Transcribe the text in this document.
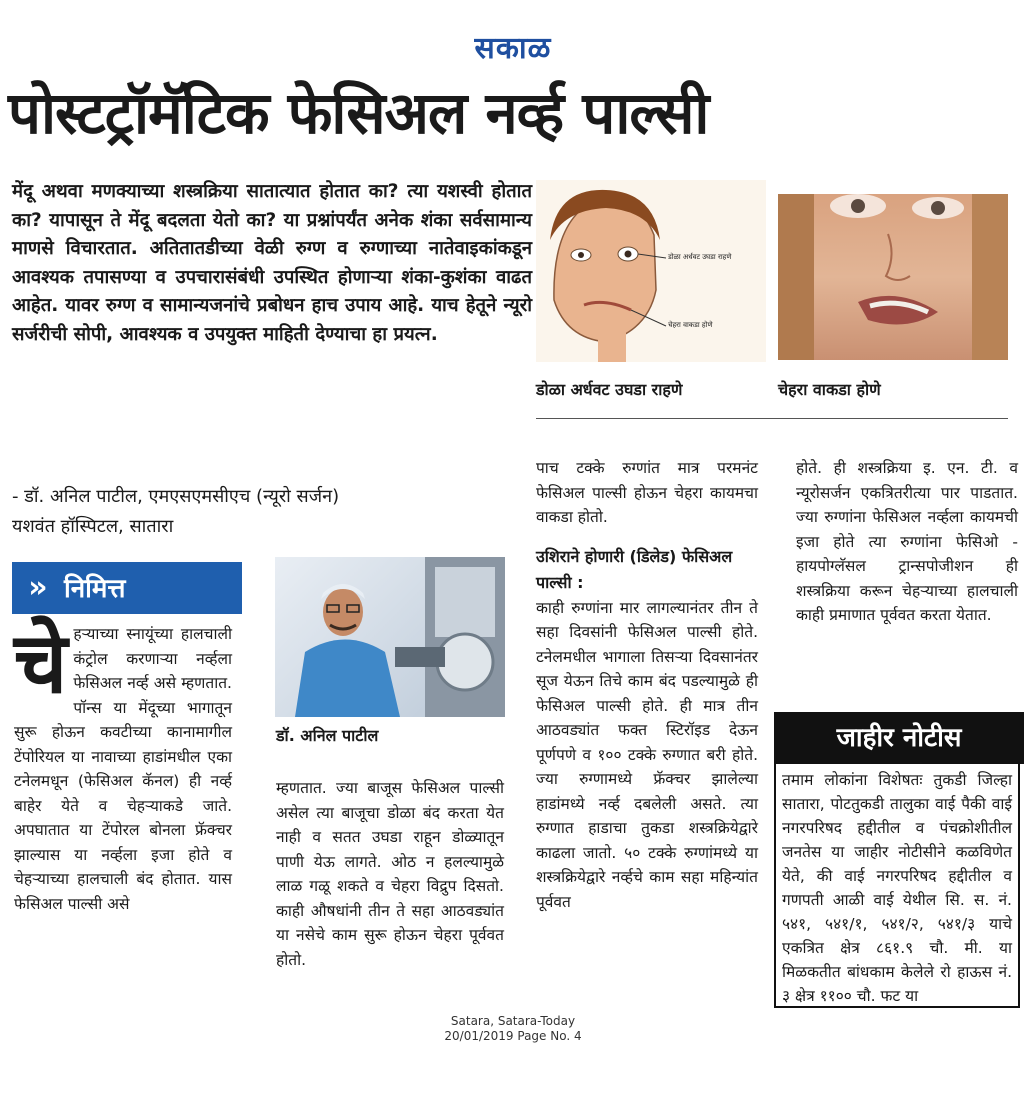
सकाळ
पोस्टट्रॉमॅटिक फेसिअल नर्व्ह पाल्सी
मेंदू अथवा मणक्याच्या शस्त्रक्रिया सातात्यात होतात का? त्या यशस्वी होतात का? यापासून ते मेंदू बदलता येतो का? या प्रश्नांपर्यंत अनेक शंका सर्वसामान्य माणसे विचारतात. अतितातडीच्या वेळी रुग्ण व रुग्णाच्या नातेवाइकांकडून आवश्यक तपासण्या व उपचारासंबंधी उपस्थित होणाऱ्या शंका-कुशंका वाढत आहेत. यावर रुग्ण व सामान्यजनांचे प्रबोधन हाच उपाय आहे. याच हेतूने न्यूरो सर्जरीची सोपी, आवश्यक व उपयुक्त माहिती देण्याचा हा प्रयत्न.
- डॉ. अनिल पाटील, एमएसएमसीएच (न्यूरो सर्जन)
यशवंत हॉस्पिटल, सातारा
» निमित्त
चे हऱ्याच्या स्नायूंच्या हालचाली कंट्रोल करणाऱ्या नर्व्हला फेसिअल नर्व्ह असे म्हणतात. पॉन्स या मेंदूच्या भागातून सुरू होऊन कवटीच्या कानामागील टेंपोरियल या नावाच्या हाडांमधील एका टनेलमधून (फेसिअल कॅनल) ही नर्व्ह बाहेर येते व चेहऱ्याकडे जाते. अपघातात या टेंपोरल बोनला फ्रॅक्चर झाल्यास या नर्व्हला इजा होते व चेहऱ्याच्या हालचाली बंद होतात. यास फेसिअल पाल्सी असे
डॉ. अनिल पाटील
म्हणतात. ज्या बाजूस फेसिअल पाल्सी असेल त्या बाजूचा डोळा बंद करता येत नाही व सतत उघडा राहून डोळ्यातून पाणी येऊ लागते. ओठ न हलल्यामुळे लाळ गळू शकते व चेहरा विद्रुप दिसतो. काही औषधांनी तीन ते सहा आठवड्यांत या नसेचे काम सुरू होऊन चेहरा पूर्ववत होतो.
डोळा अर्धवट उघडा राहणे
चेहरा वाकडा होणे
डोळा अर्धवट उघडा राहणे	चेहरा वाकडा होणे
पाच टक्के रुग्णांत मात्र परमनंट फेसिअल पाल्सी होऊन चेहरा कायमचा वाकडा होतो.
उशिराने होणारी (डिलेड) फेसिअल पाल्सी :
काही रुग्णांना मार लागल्यानंतर तीन ते सहा दिवसांनी फेसिअल पाल्सी होते. टनेलमधील भागाला तिसऱ्या दिवसानंतर सूज येऊन तिचे काम बंद पडल्यामुळे ही फेसिअल पाल्सी होते. ही मात्र तीन आठवड्यांत फक्त स्टिरॉइड देऊन पूर्णपणे व १०० टक्के रुग्णात बरी होते. ज्या रुग्णामध्ये फ्रॅक्चर झालेल्या हाडांमध्ये नर्व्ह दबलेली असते. त्या रुग्णात हाडाचा तुकडा शस्त्रक्रियेद्वारे काढला जातो. ५० टक्के रुग्णांमध्ये या शस्त्रक्रियेद्वारे नर्व्हचे काम सहा महिन्यांत पूर्ववत
होते. ही शस्त्रक्रिया इ. एन. टी. व न्यूरोसर्जन एकत्रितरीत्या पार पाडतात. ज्या रुग्णांना फेसिअल नर्व्हला कायमची इजा होते त्या रुग्णांना फेसिओ - हायपोग्लॅसल ट्रान्सपोजीशन ही शस्त्रक्रिया करून चेहऱ्याच्या हालचाली काही प्रमाणात पूर्ववत करता येतात.
जाहीर नोटीस
तमाम लोकांना विशेषतः तुकडी जिल्हा सातारा, पोटतुकडी तालुका वाई पैकी वाई नगरपरिषद हद्दीतील व पंचक्रोशीतील जनतेस या जाहीर नोटीसीने कळविणेत येते, की वाई नगरपरिषद हद्दीतील व गणपती आळी वाई येथील सि. स. नं. ५४१, ५४१/१, ५४१/२, ५४१/३ याचे एकत्रित क्षेत्र ८६१.९ चौ. मी. या मिळकतीत बांधकाम केलेले रो हाऊस नं. ३ क्षेत्र ११०० चौ. फट या
Satara, Satara-Today
20/01/2019 Page No. 4
